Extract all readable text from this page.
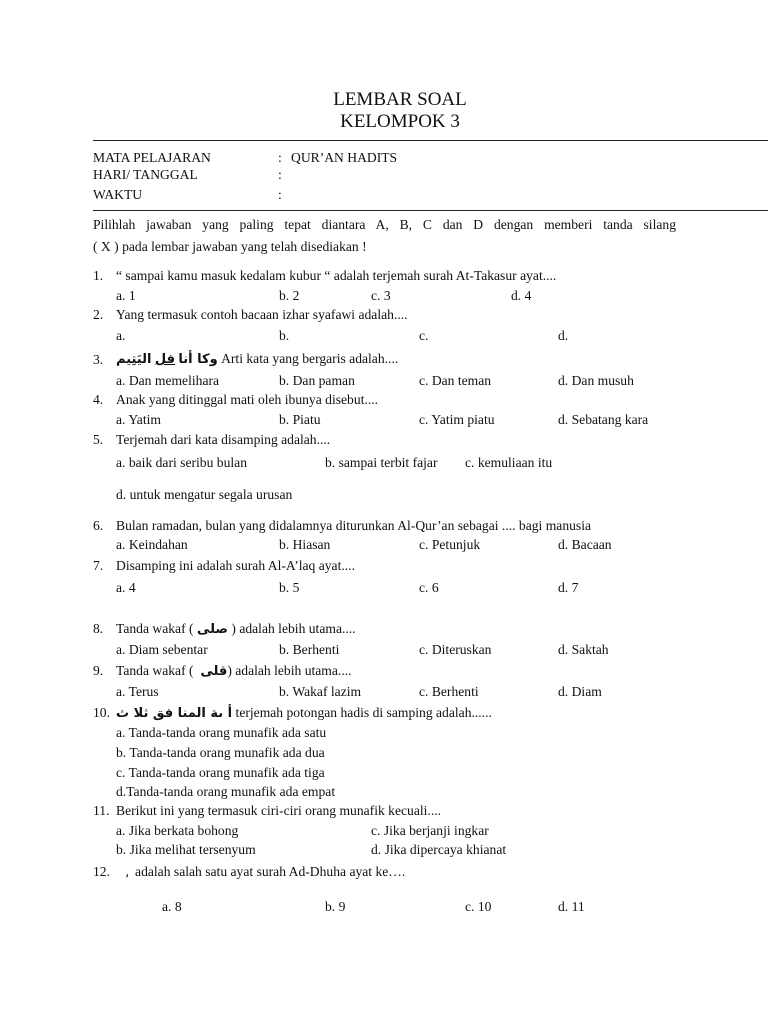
LEMBAR SOAL
KELOMPOK 3
MATA PELAJARAN	: QUR’AN HADITS
HARI/ TANGGAL	:
WAKTU	:
Pilihlah jawaban yang paling tepat diantara A, B, C dan D dengan memberi tanda silang
( X ) pada lembar jawaban yang telah disediakan !
1. “ sampai kamu masuk kedalam kubur “ adalah terjemah surah At-Takasur ayat....
a. 1	b. 2	c. 3	d. 4
2. Yang termasuk contoh bacaan izhar syafawi adalah....
a.	b.	c.	d.
3.	وكا أنا فل اليَتِيم	Arti kata yang bergaris adalah....
a. Dan memelihara	b. Dan paman	c. Dan teman	d. Dan musuh
4. Anak yang ditinggal mati oleh ibunya disebut....
a. Yatim	b. Piatu	c. Yatim piatu	d. Sebatang kara
5. Terjemah dari kata disamping adalah....
a. baik dari seribu bulan	b. sampai terbit fajar c. kemuliaan itu
d. untuk mengatur segala urusan
6. Bulan ramadan, bulan yang didalamnya diturunkan Al-Qur’an sebagai .... bagi manusia
a. Keindahan	b. Hiasan	c. Petunjuk	d. Bacaan
7. Disamping ini adalah surah Al-A’laq ayat....
a. 4	b. 5	c. 6	d. 7
8. Tanda wakaf ( صلى ) adalah lebih utama....
a. Diam sebentar	b. Berhenti	c. Diteruskan	d. Saktah
9. Tanda wakaf ( قلى) adalah lebih utama....
a. Terus	b. Wakaf lazim	c. Berhenti	d. Diam
10. أ ىة المنا فق ثلا ث terjemah potongan hadis di samping adalah......
a. Tanda-tanda orang munafik ada satu
b. Tanda-tanda orang munafik ada dua
c. Tanda-tanda orang munafik ada tiga
d.Tanda-tanda orang munafik ada empat
11. Berikut ini yang termasuk ciri-ciri orang munafik kecuali....
a. Jika berkata bohong
b. Jika melihat tersenyum
c. Jika berjanji ingkar
d. Jika dipercaya khianat
12. , adalah salah satu ayat surah Ad-Dhuha ayat ke….
a. 8	b. 9	c. 10	d. 11
